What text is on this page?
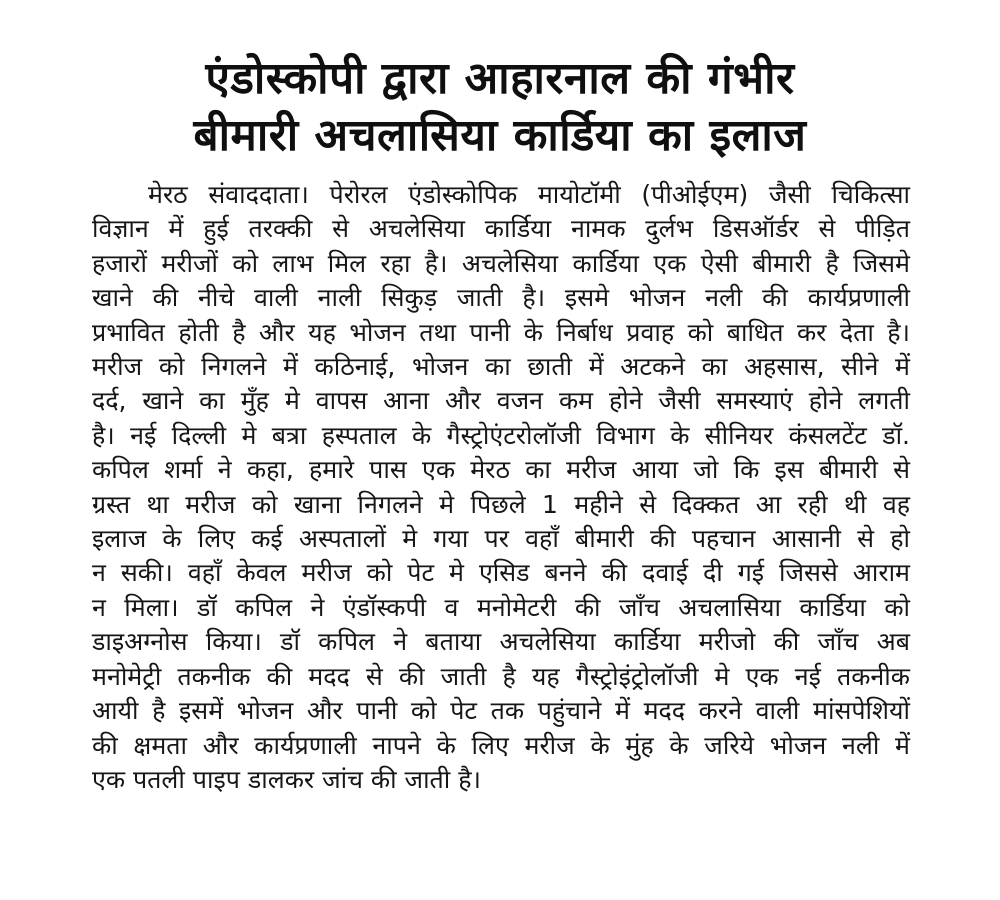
एंडोस्कोपी द्वारा आहारनाल की गंभीर
बीमारी अचलासिया कार्डिया का इलाज

मेरठ संवाददाता। पेरोरल एंडोस्कोपिक मायोटॉमी (पीओईएम) जैसी चिकित्सा

विज्ञान में हुई तरक्की से अचलेसिया कार्डिया नामक दुर्लभ डिसऑर्डर से पीड़ित

हजारों मरीजों को लाभ मिल रहा है। अचलेसिया कार्डिया एक ऐसी बीमारी है जिसमे

खाने की नीचे वाली नाली सिकुड़ जाती है। इसमे भोजन नली की कार्यप्रणाली

प्रभावित होती है और यह भोजन तथा पानी के निर्बाध प्रवाह को बाधित कर देता है।

मरीज को निगलने में कठिनाई, भोजन का छाती में अटकने का अहसास, सीने में

दर्द, खाने का मुँह मे वापस आना और वजन कम होने जैसी समस्याएं होने लगती

है। नई दिल्ली मे बत्रा हस्पताल के गैस्ट्रोएंटरोलॉजी विभाग के सीनियर कंसलटेंट डॉ.

कपिल शर्मा ने कहा, हमारे पास एक मेरठ का मरीज आया जो कि इस बीमारी से

ग्रस्त था मरीज को खाना निगलने मे पिछले 1 महीने से दिक्कत आ रही थी वह

इलाज के लिए कई अस्पतालों मे गया पर वहाँ बीमारी की पहचान आसानी से हो

न सकी। वहाँ केवल मरीज को पेट मे एसिड बनने की दवाई दी गई जिससे आराम

न मिला। डॉ कपिल ने एंडॉस्कपी व मनोमेटरी की जाँच अचलासिया कार्डिया को

डाइअग्नोस किया। डॉ कपिल ने बताया अचलेसिया कार्डिया मरीजो की जाँच अब

मनोमेट्री तकनीक की मदद से की जाती है यह गैस्ट्रोइंट्रोलॉजी मे एक नई तकनीक

आयी है इसमें भोजन और पानी को पेट तक पहुंचाने में मदद करने वाली मांसपेशियों

की क्षमता और कार्यप्रणाली नापने के लिए मरीज के मुंह के जरिये भोजन नली में

एक पतली पाइप डालकर जांच की जाती है।
